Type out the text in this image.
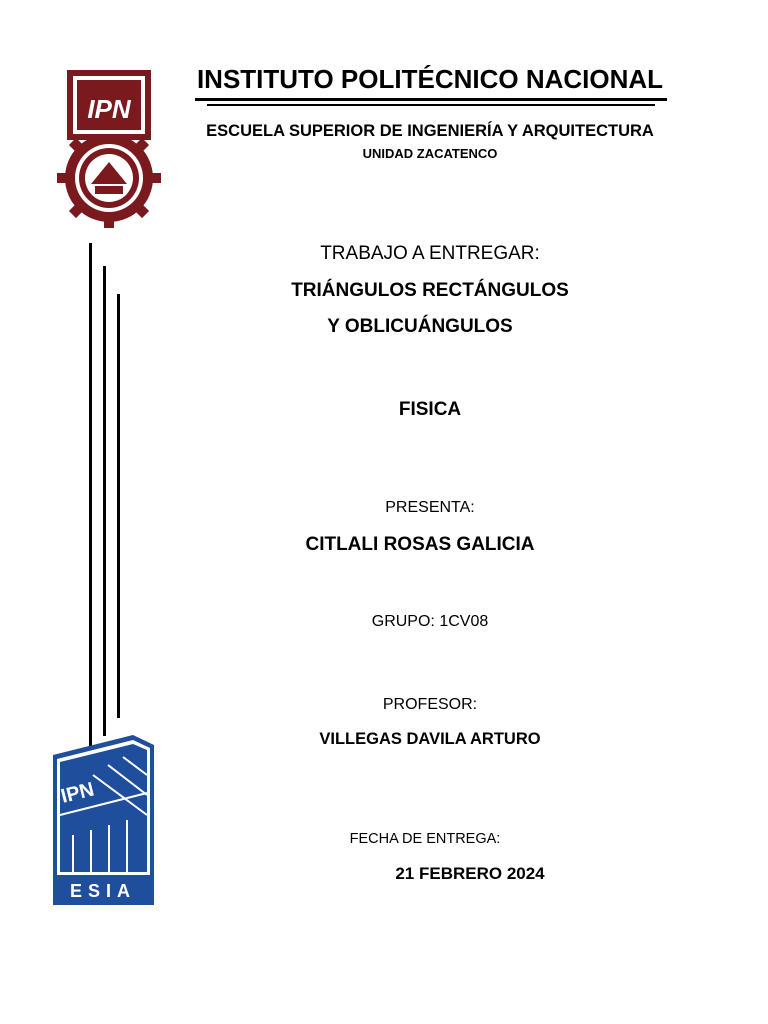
IPN
IPN
ESIA
INSTITUTO POLITÉCNICO NACIONAL
ESCUELA SUPERIOR DE INGENIERÍA Y ARQUITECTURA
UNIDAD ZACATENCO
TRABAJO A ENTREGAR:
TRIÁNGULOS RECTÁNGULOS
Y OBLICUÁNGULOS
FISICA
PRESENTA:
CITLALI ROSAS GALICIA
GRUPO: 1CV08
PROFESOR:
VILLEGAS DAVILA ARTURO
FECHA DE ENTREGA:
21 FEBRERO 2024
